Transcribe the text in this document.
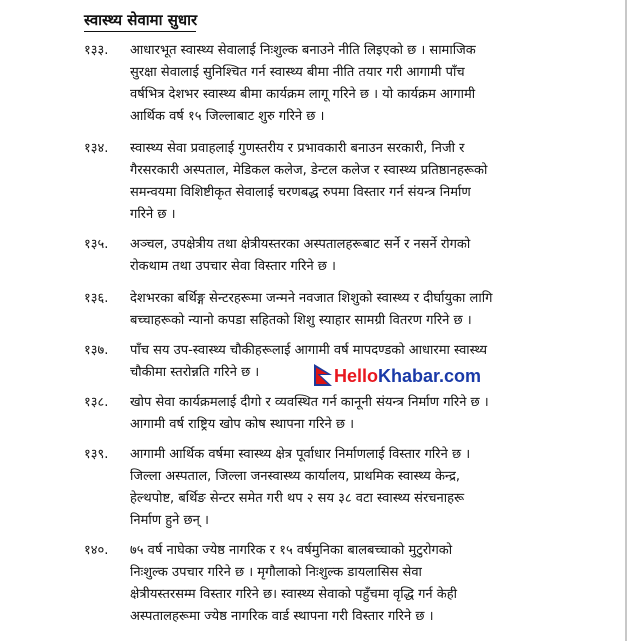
स्वास्थ्य सेवामा सुधार
१३३.	आधारभूत स्वास्थ्य सेवालाई निःशुल्क बनाउने नीति लिइएको छ । सामाजिक
सुरक्षा सेवालाई सुनिश्चित गर्न स्वास्थ्य बीमा नीति तयार गरी आगामी पाँच
वर्षभित्र देशभर स्वास्थ्य बीमा कार्यक्रम लागू गरिने छ । यो कार्यक्रम आगामी
आर्थिक वर्ष १५ जिल्लाबाट शुरु गरिने छ ।
१३४.	स्वास्थ्य सेवा प्रवाहलाई गुणस्तरीय र प्रभावकारी बनाउन सरकारी, निजी र
गैरसरकारी अस्पताल, मेडिकल कलेज, डेन्टल कलेज र स्वास्थ्य प्रतिष्ठानहरूको
समन्वयमा विशिष्टीकृत सेवालाई चरणबद्ध रुपमा विस्तार गर्न संयन्त्र निर्माण
गरिने छ ।
१३५.	अञ्चल, उपक्षेत्रीय तथा क्षेत्रीयस्तरका अस्पतालहरूबाट सर्ने र नसर्ने रोगको
रोकथाम तथा उपचार सेवा विस्तार गरिने छ ।
१३६.	देशभरका बर्थिङ्ग सेन्टरहरूमा जन्मने नवजात शिशुको स्वास्थ्य र दीर्घायुका लागि
बच्चाहरूको न्यानो कपडा सहितको शिशु स्याहार सामग्री वितरण गरिने छ ।
१३७.	पाँच सय उप-स्वास्थ्य चौकीहरूलाई आगामी वर्ष मापदण्डको आधारमा स्वास्थ्य
चौकीमा स्तरोन्नति गरिने छ ।
१३८.	खोप सेवा कार्यक्रमलाई दीगो र व्यवस्थित गर्न कानूनी संयन्त्र निर्माण गरिने छ ।
आगामी वर्ष राष्ट्रिय खोप कोष स्थापना गरिने छ ।
१३९.	आगामी आर्थिक वर्षमा स्वास्थ्य क्षेत्र पूर्वाधार निर्माणलाई विस्तार गरिने छ ।
जिल्ला अस्पताल, जिल्ला जनस्वास्थ्य कार्यालय, प्राथमिक स्वास्थ्य केन्द्र,
हेल्थपोष्ट, बर्थिङ सेन्टर समेत गरी थप २ सय ३८ वटा स्वास्थ्य संरचनाहरू
निर्माण हुने छन् ।
१४०.	७५ वर्ष नाघेका ज्येष्ठ नागरिक र १५ वर्षमुनिका बालबच्चाको मुटुरोगको
निःशुल्क उपचार गरिने छ । मृगौलाको निःशुल्क डायलासिस सेवा
क्षेत्रीयस्तरसम्म विस्तार गरिने छ। स्वास्थ्य सेवाको पहुँचमा वृद्धि गर्न केही
अस्पतालहरूमा ज्येष्ठ नागरिक वार्ड स्थापना गरी विस्तार गरिने छ ।
HelloKhabar.com
